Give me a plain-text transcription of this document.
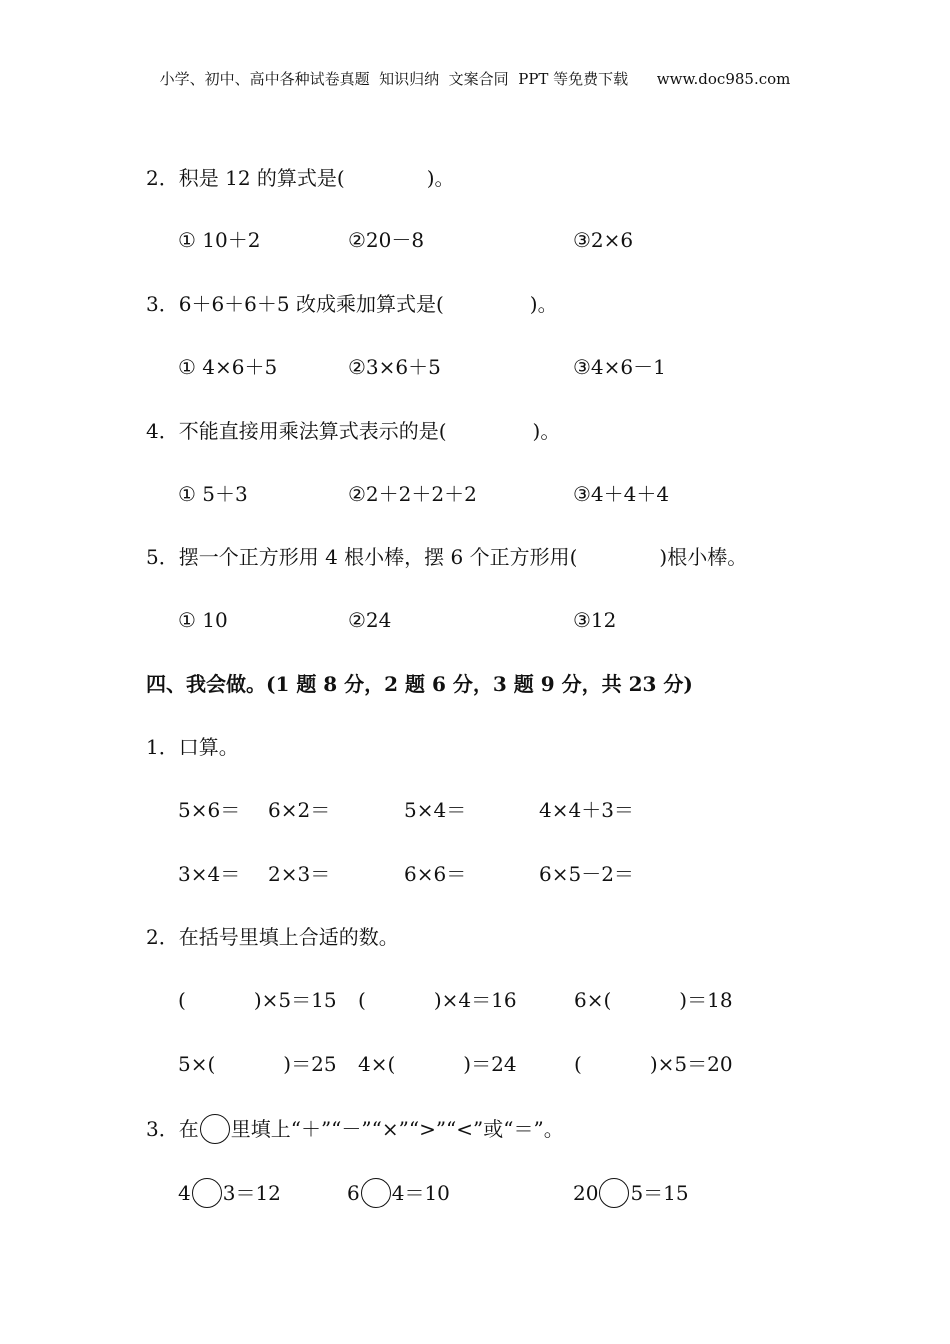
小学、初中、高中各种试卷真题  知识归纳  文案合同  PPT 等免费下载      www.doc985.com
2．积是 12 的算式是(	)。
① 10＋2	②20－8	③2×6
3．6＋6＋6＋5 改成乘加算式是(	)。
① 4×6＋5	②3×6＋5	③4×6－1
4．不能直接用乘法算式表示的是(	)。
① 5＋3	②2＋2＋2＋2	③4＋4＋4
5．摆一个正方形用 4 根小棒，摆 6 个正方形用(	)根小棒。
① 10	②24	③12
四、我会做。(1 题 8 分，2 题 6 分，3 题 9 分，共 23 分)
1．口算。
5×6＝ 6×2＝	5×4＝	4×4＋3＝
3×4＝ 2×3＝	6×6＝	6×5－2＝
2．在括号里填上合适的数。
(	)×5＝15 (	)×4＝16	6×(	)＝18
5×(	)＝25 4×(	)＝24	(	)×5＝20
3．在 里填上“＋”“－”“×”“>”“<”或“＝”。
4 3＝12	6 4＝10	20 5＝15
